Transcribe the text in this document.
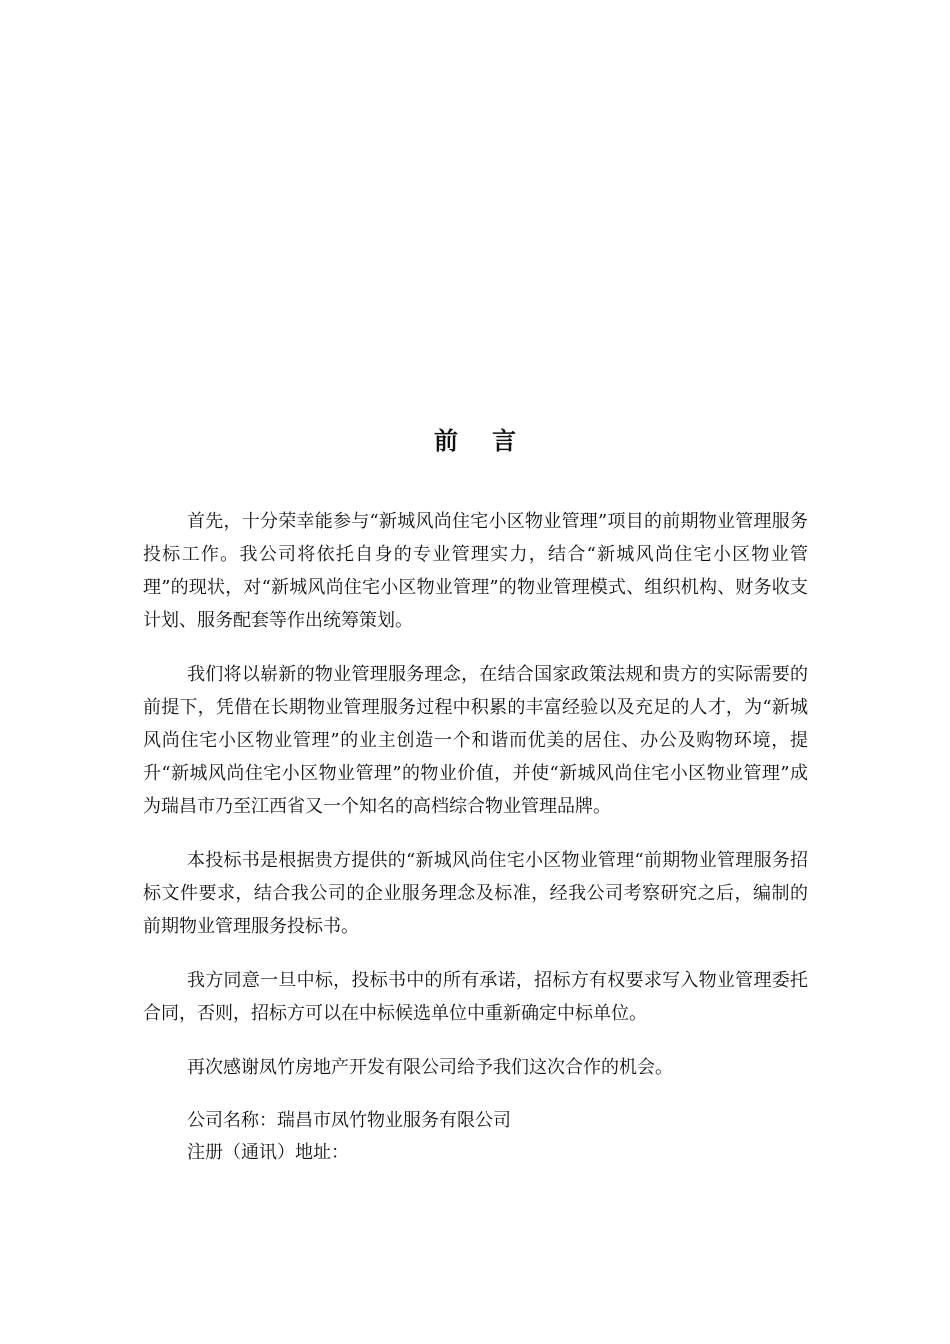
前言

首先，十分荣幸能参与“新城风尚住宅小区物业管理”项目的前期物业管理服务投标工作。我公司将依托自身的专业管理实力，结合“新城风尚住宅小区物业管理”的现状，对“新城风尚住宅小区物业管理”的物业管理模式、组织机构、财务收支计划、服务配套等作出统筹策划。

我们将以崭新的物业管理服务理念，在结合国家政策法规和贵方的实际需要的前提下，凭借在长期物业管理服务过程中积累的丰富经验以及充足的人才，为“新城风尚住宅小区物业管理”的业主创造一个和谐而优美的居住、办公及购物环境，提升“新城风尚住宅小区物业管理”的物业价值，并使“新城风尚住宅小区物业管理”成为瑞昌市乃至江西省又一个知名的高档综合物业管理品牌。

本投标书是根据贵方提供的“新城风尚住宅小区物业管理“前期物业管理服务招标文件要求，结合我公司的企业服务理念及标准，经我公司考察研究之后，编制的前期物业管理服务投标书。

我方同意一旦中标，投标书中的所有承诺，招标方有权要求写入物业管理委托合同，否则，招标方可以在中标候选单位中重新确定中标单位。

再次感谢凤竹房地产开发有限公司给予我们这次合作的机会。

公司名称：瑞昌市凤竹物业服务有限公司

注册（通讯）地址：
